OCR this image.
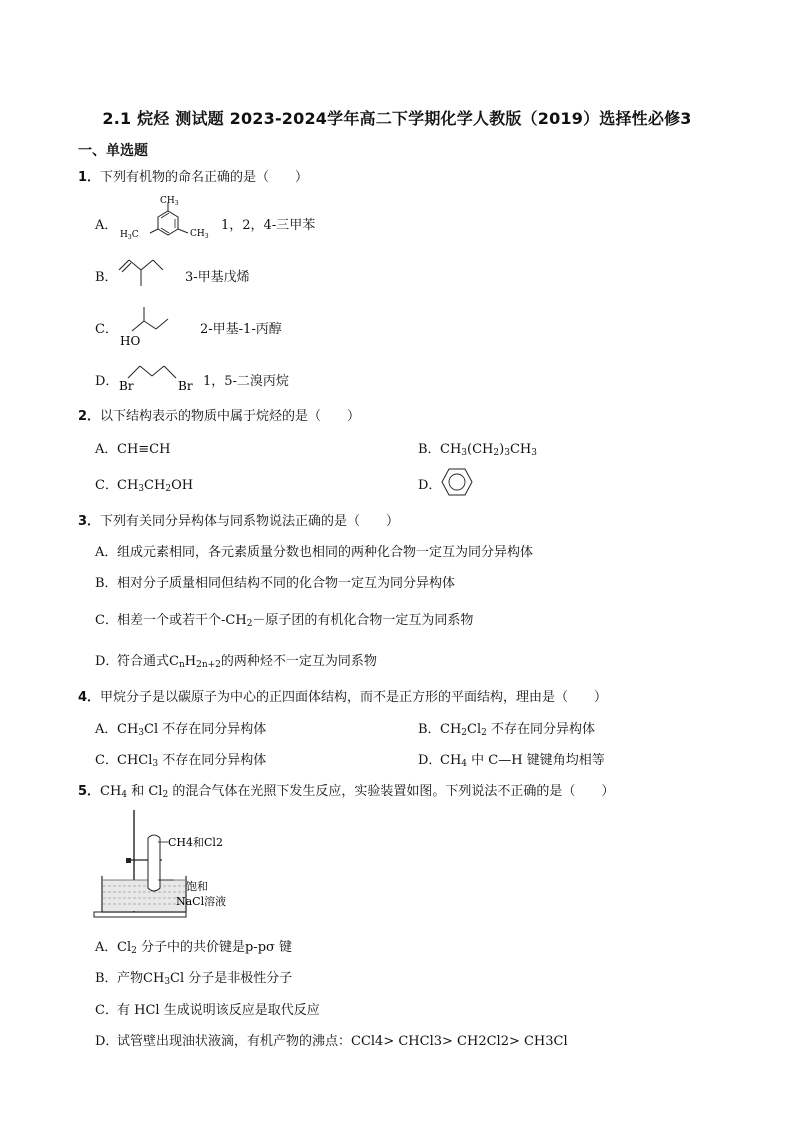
2.1 烷烃 测试题 2023-2024学年高二下学期化学人教版（2019）选择性必修3
一、单选题
1．下列有机物的命名正确的是（　　）
A．
$CH_3$
$H_3C$	$CH_3$
1，2，4-三甲苯
B．	3-甲基戊烯
C．
HO
2-甲基-1-丙醇
D． Br	Br 1，5-二溴丙烷
2．以下结构表示的物质中属于烷烃的是（　　）
A．CH≡CH	B．$CH_3(CH_2)_3CH_3$
C．$CH_3CH_2OH$	D．
3．下列有关同分异构体与同系物说法正确的是（　　）
A．组成元素相同，各元素质量分数也相同的两种化合物一定互为同分异构体
B．相对分子质量相同但结构不同的化合物一定互为同分异构体
C．相差一个或若干个$-CH_2-$原子团的有机化合物一定互为同系物
D．符合通式$C_nH_{2n+2}$的两种烃不一定互为同系物
4．甲烷分子是以碳原子为中心的正四面体结构，而不是正方形的平面结构，理由是（　　）
A．$CH_3Cl$ 不存在同分异构体	B．$CH_2Cl_2$ 不存在同分异构体
C．CHCl$_3$ 不存在同分异构体	D．$CH_4$ 中 C—H 键键角均相等
5．$CH_4$ 和 $Cl_2$ 的混合气体在光照下发生反应，实验装置如图。下列说法不正确的是（　　）
CH4和Cl2
饱和
NaCl溶液
A．$Cl_2$ 分子中的共价键是p-pσ 键
B．产物$CH_3Cl$ 分子是非极性分子
C．有 HCl 生成说明该反应是取代反应
D．试管壁出现油状液滴，有机产物的沸点：CCl4> CHCl3> CH2Cl2> CH3Cl
